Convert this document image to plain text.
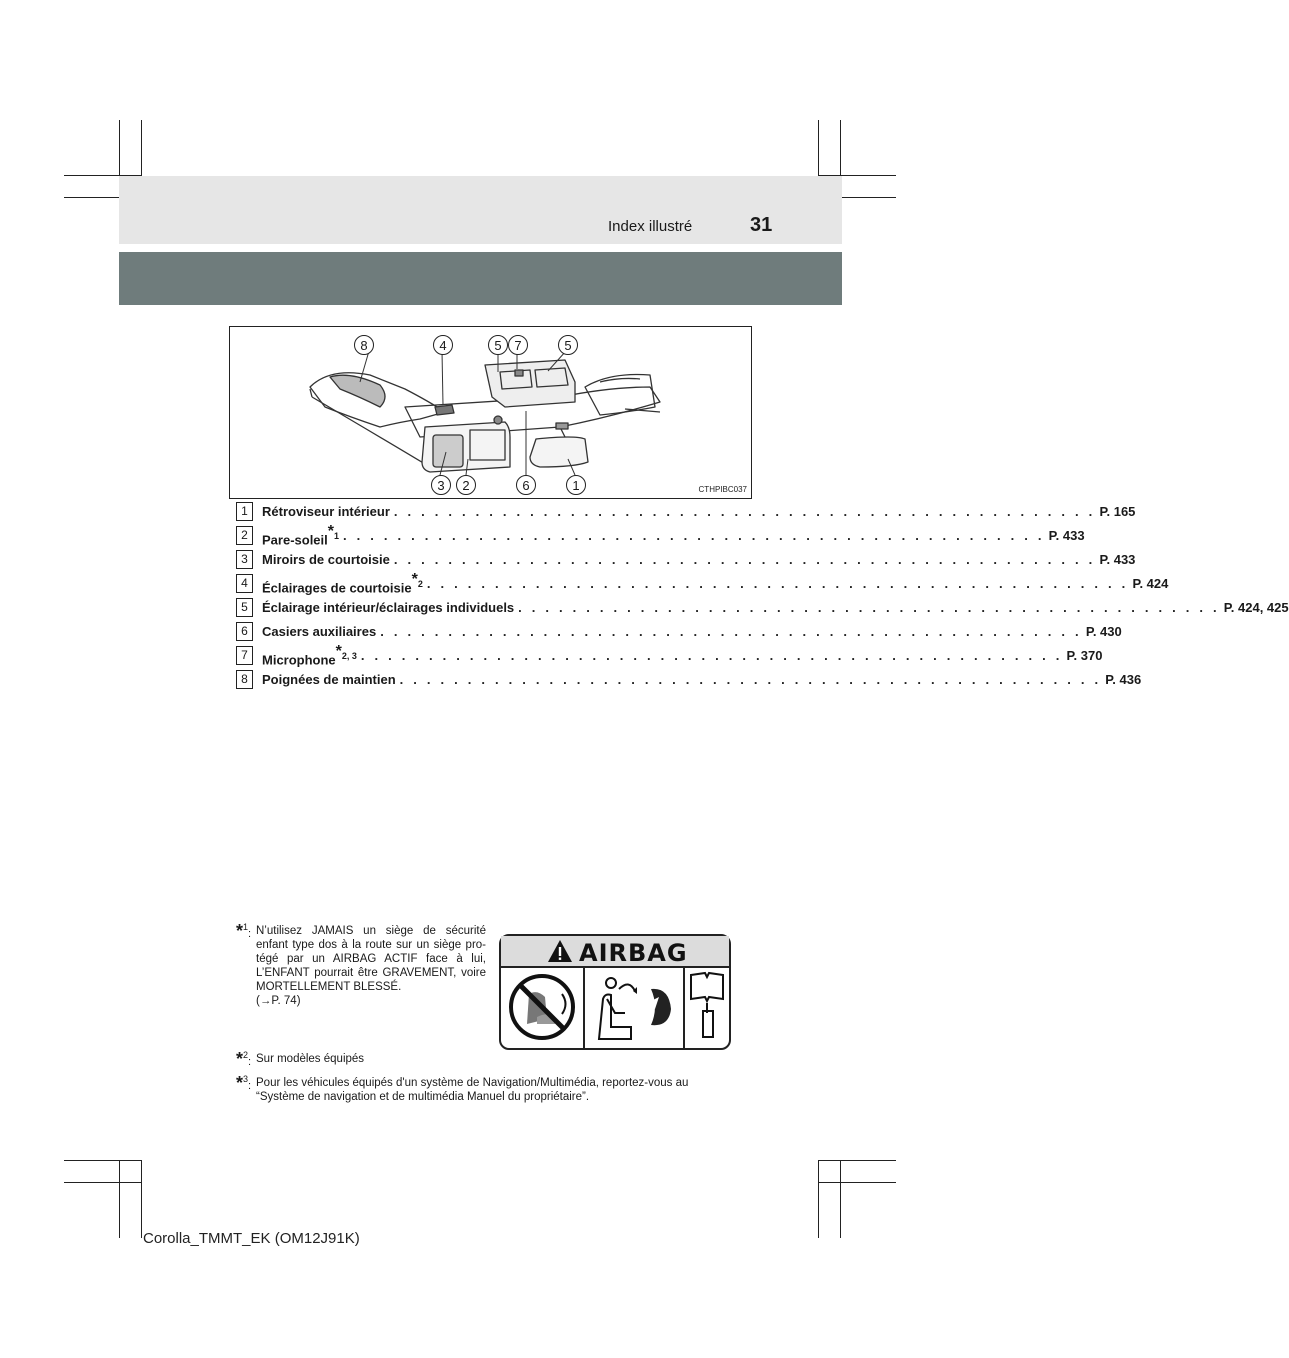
Index illustré	31
8	4	5 7	5
3 2	6	1	CTHPIBC037
1	Rétroviseur intérieur . . . . . . . . . . . . . . . . . . . . . . . . . . . . . . . . . . . . . . . . . . . . . . . . . . . . P. 165
2	Pare-soleil$^{*1}$ . . . . . . . . . . . . . . . . . . . . . . . . . . . . . . . . . . . . . . . . . . . . . . . . . . . . P. 433
3	Miroirs de courtoisie . . . . . . . . . . . . . . . . . . . . . . . . . . . . . . . . . . . . . . . . . . . . . . . . . . . . P. 433
4	Éclairages de courtoisie$^{*2}$ . . . . . . . . . . . . . . . . . . . . . . . . . . . . . . . . . . . . . . . . . . . . . . . . . . . . P. 424
5	Éclairage intérieur/éclairages individuels . . . . . . . . . . . . . . . . . . . . . . . . . . . . . . . . . . . . . . . . . . . . . . . . . . . . P. 424, 425
6	Casiers auxiliaires . . . . . . . . . . . . . . . . . . . . . . . . . . . . . . . . . . . . . . . . . . . . . . . . . . . . P. 430
7	Microphone$^{*2, 3}$ . . . . . . . . . . . . . . . . . . . . . . . . . . . . . . . . . . . . . . . . . . . . . . . . . . . . P. 370
8	Poignées de maintien . . . . . . . . . . . . . . . . . . . . . . . . . . . . . . . . . . . . . . . . . . . . . . . . . . . . P. 436
*$^1$: N’utilisez JAMAIS un siège de sécurité enfant type dos à la route sur un siège pro-tégé par un AIRBAG ACTIF face à lui, L’ENFANT pourrait être GRAVEMENT, voire MORTELLEMENT BLESSÉ.
(→P. 74)
AIRBAG
*$^2$: Sur modèles équipés
*$^3$: Pour les véhicules équipés d'un système de Navigation/Multimédia, reportez-vous au “Système de navigation et de multimédia Manuel du propriétaire”.
Corolla_TMMT_EK (OM12J91K)
